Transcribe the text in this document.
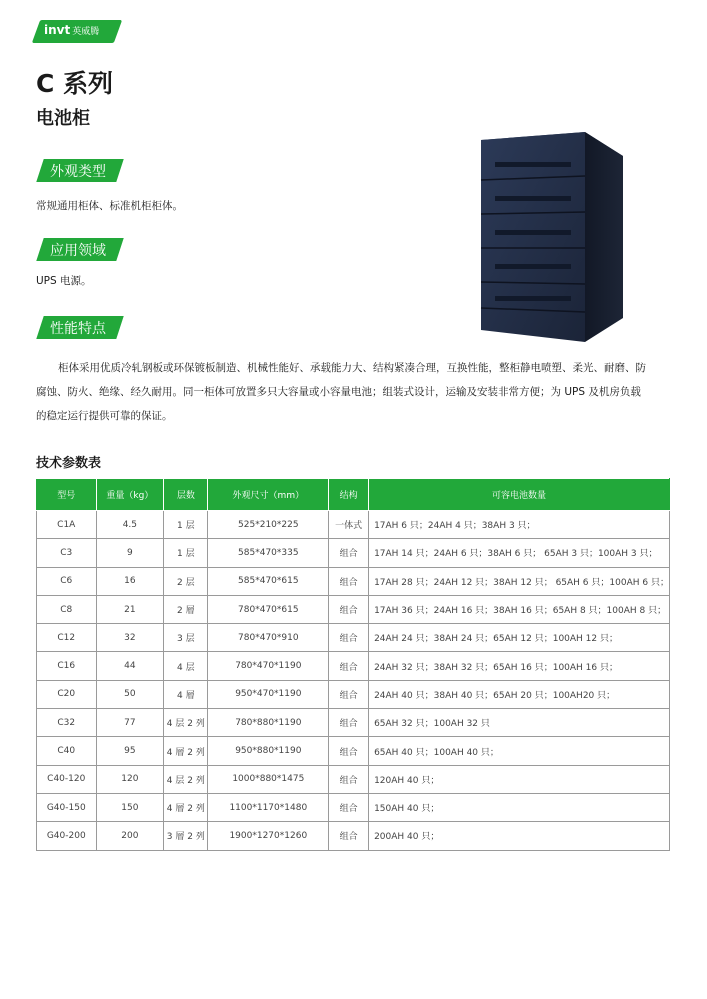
invt 英威腾
C 系列
电池柜
外观类型

常规通用柜体、标准机柜柜体。

应用领域

UPS 电源。

性能特点

柜体采用优质冷轧钢板或环保镀板制造、机械性能好、承载能力大、结构紧凑合理，互换性能，整柜静电喷塑、柔光、耐磨、防腐蚀、防火、绝缘、经久耐用。同一柜体可放置多只大容量或小容量电池；组装式设计，运输及安装非常方便；为 UPS 及机房负载的稳定运行提供可靠的保证。

技术参数表
型号	重量（kg）	层数	外观尺寸（mm）	结构	可容电池数量
C1A	4.5	1 层	525*210*225	一体式	17AH 6 只；24AH 4 只；38AH 3 只；
C3	9	1 层	585*470*335	组合	17AH 14 只；24AH 6 只；38AH 6 只； 65AH 3 只；100AH 3 只；
C6	16	2 层	585*470*615	组合	17AH 28 只；24AH 12 只；38AH 12 只； 65AH 6 只；100AH 6 只；
C8	21	2 層	780*470*615	组合	17AH 36 只；24AH 16 只；38AH 16 只；65AH 8 只；100AH 8 只；
C12	32	3 层	780*470*910	组合	24AH 24 只；38AH 24 只；65AH 12 只；100AH 12 只；
C16	44	4 层	780*470*1190	组合	24AH 32 只；38AH 32 只；65AH 16 只；100AH 16 只；
C20	50	4 層	950*470*1190	组合	24AH 40 只；38AH 40 只；65AH 20 只；100AH20 只；
C32	77	4 层 2 列	780*880*1190	组合	65AH 32 只；100AH 32 只
C40	95	4 層 2 列	950*880*1190	组合	65AH 40 只；100AH 40 只；
C40-120	120	4 层 2 列	1000*880*1475	组合	120AH 40 只；
G40-150	150	4 層 2 列	1100*1170*1480	组合	150AH 40 只；
G40-200	200	3 層 2 列	1900*1270*1260	组合	200AH 40 只；
